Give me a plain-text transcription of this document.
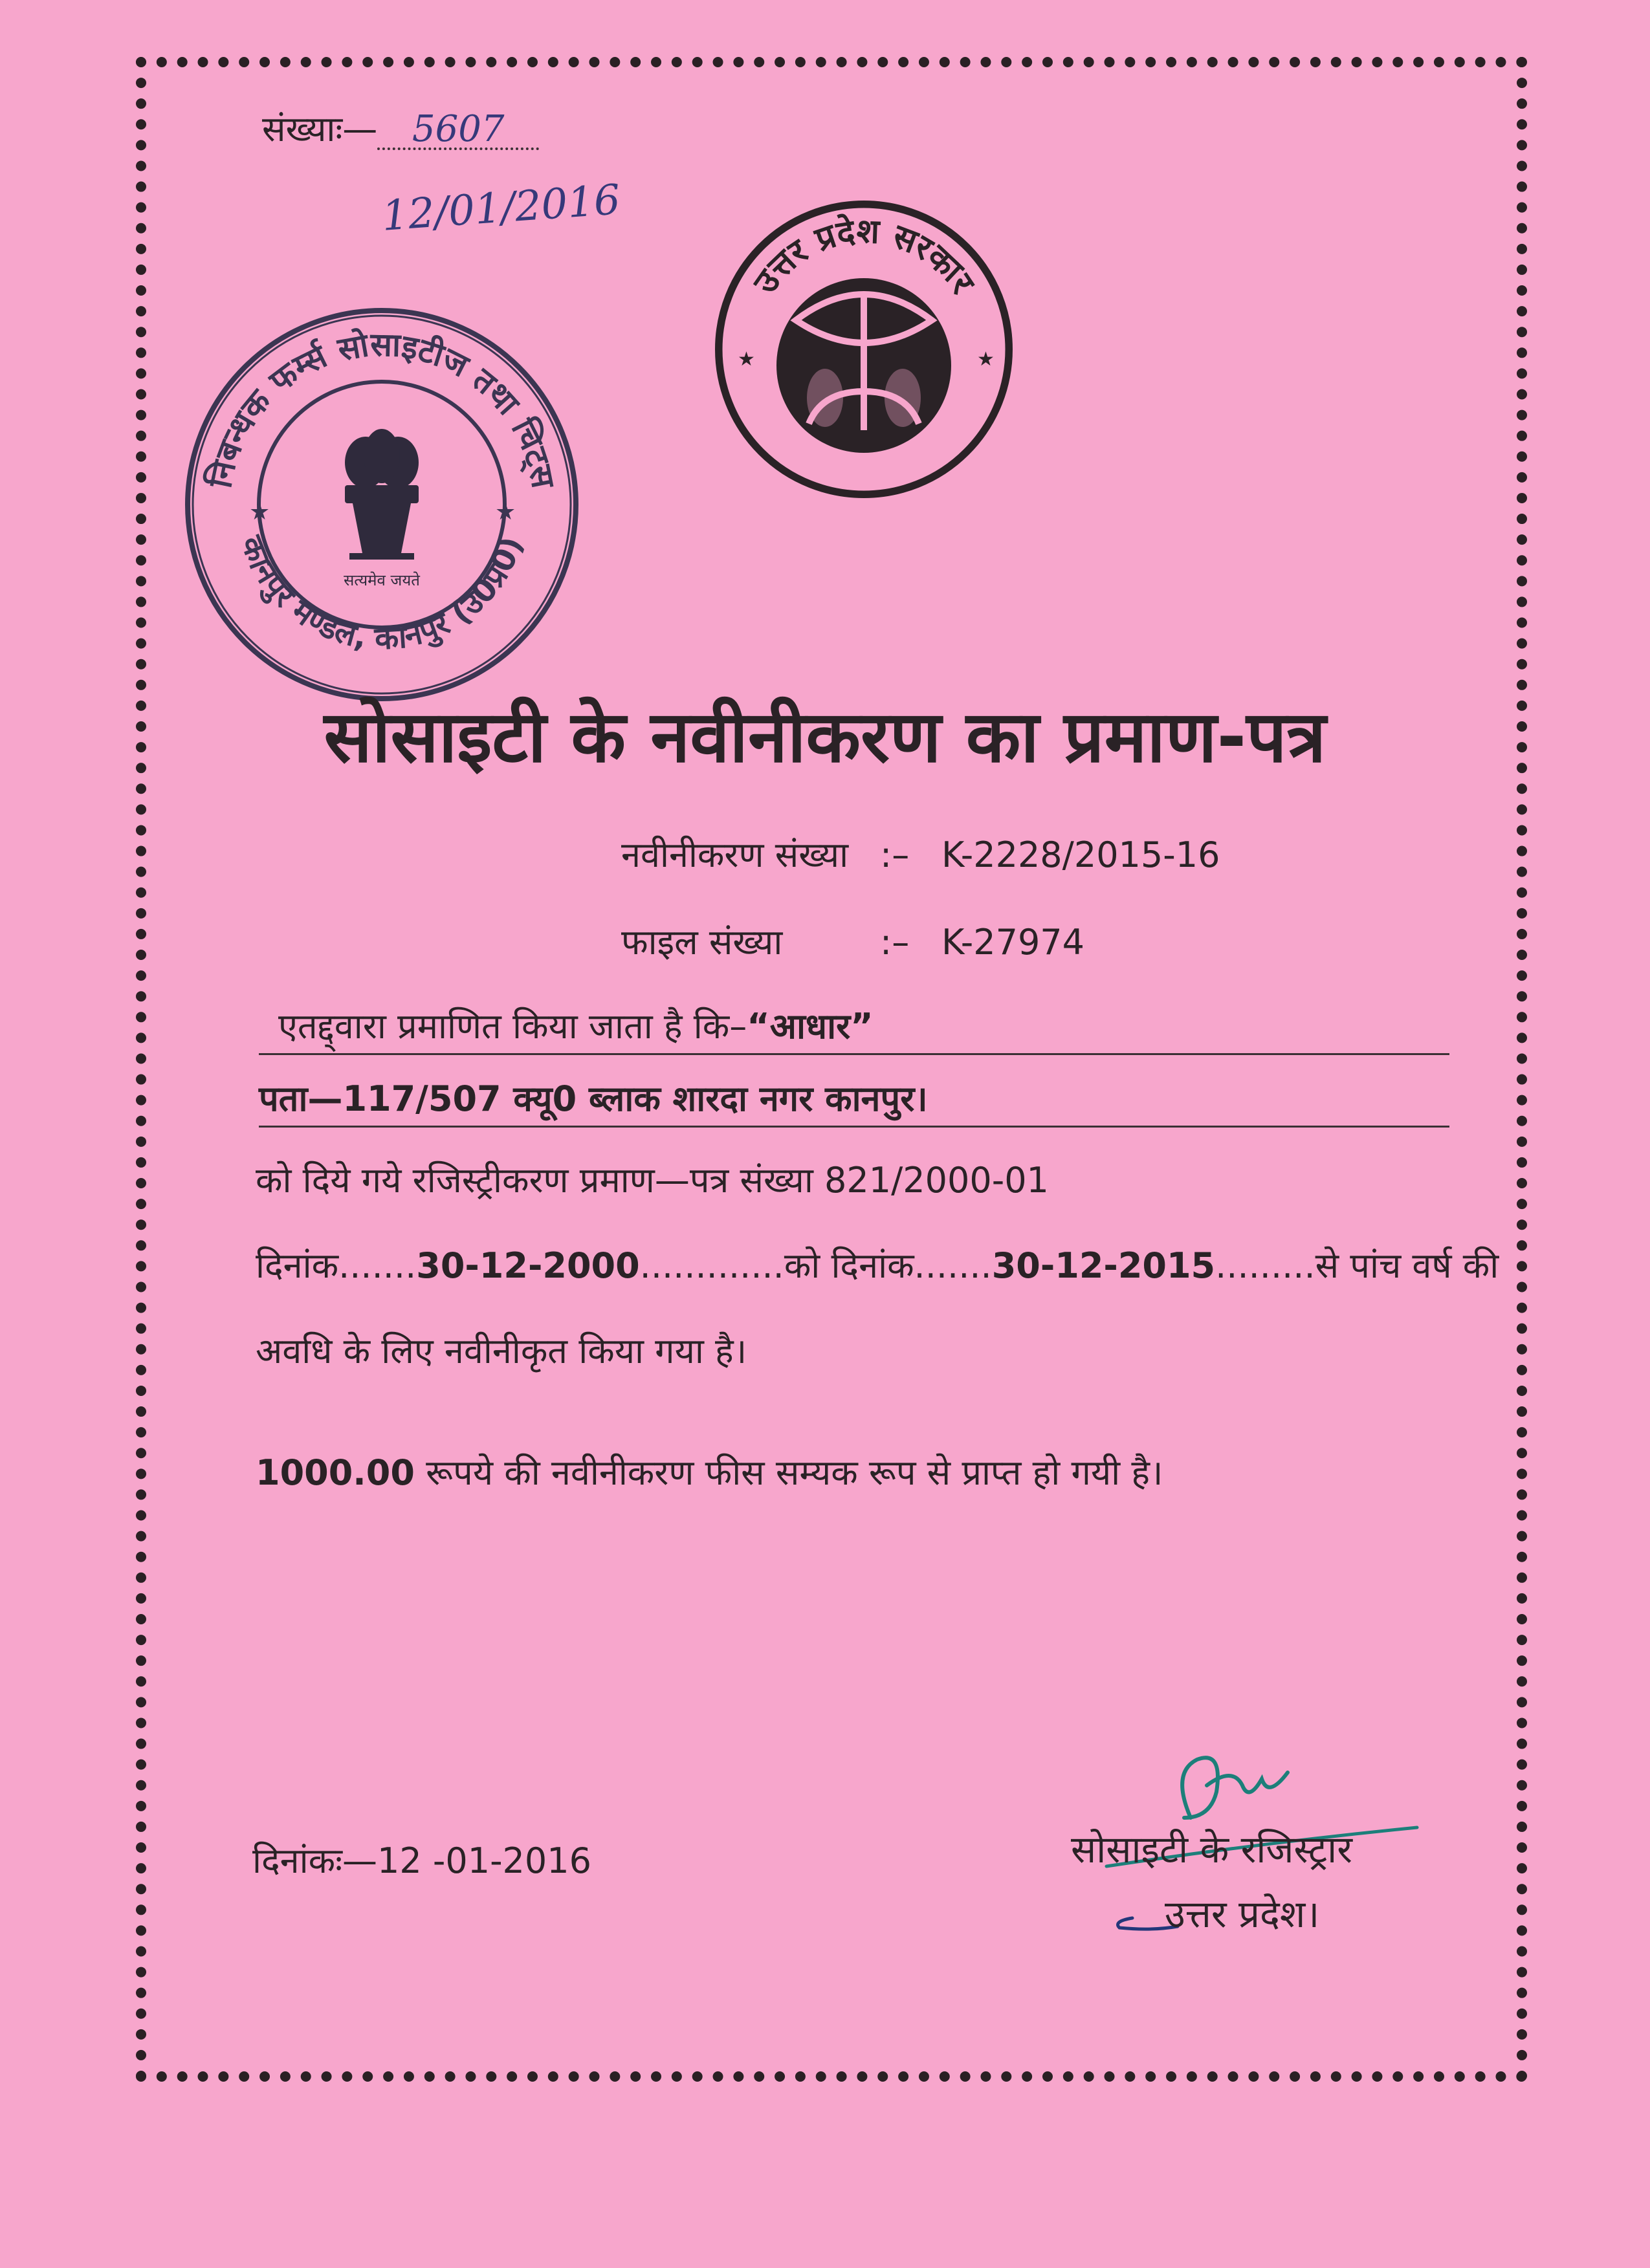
संख्याः— 5607
12/01/2016
निबन्धक फर्म्स सोसाइटीज तथा चिट्स
कानपुर मण्डल, कानपुर (उ0प्र0)
★	★
सत्यमेव जयते
उत्तर प्रदेश सरकार
★	★
सोसाइटी के नवीनीकरण का प्रमाण-पत्र
नवीनीकरण संख्या :– K-2228/2015-16
फाइल संख्या	:– K-27974
एतद्द्वारा प्रमाणित किया जाता है कि–“आधार”
पता—117/507 क्यू0 ब्लाक शारदा नगर कानपुर।
को दिये गये रजिस्ट्रीकरण प्रमाण—पत्र संख्या 821/2000-01
दिनांक.......30-12-2000.............को दिनांक.......30-12-2015.........से पांच वर्ष की
अवधि के लिए नवीनीकृत किया गया है।
1000.00 रूपये की नवीनीकरण फीस सम्यक रूप से प्राप्त हो गयी है।
दिनांकः—12 -01-2016	सोसाइटी के रजिस्ट्रार
उत्तर प्रदेश।
